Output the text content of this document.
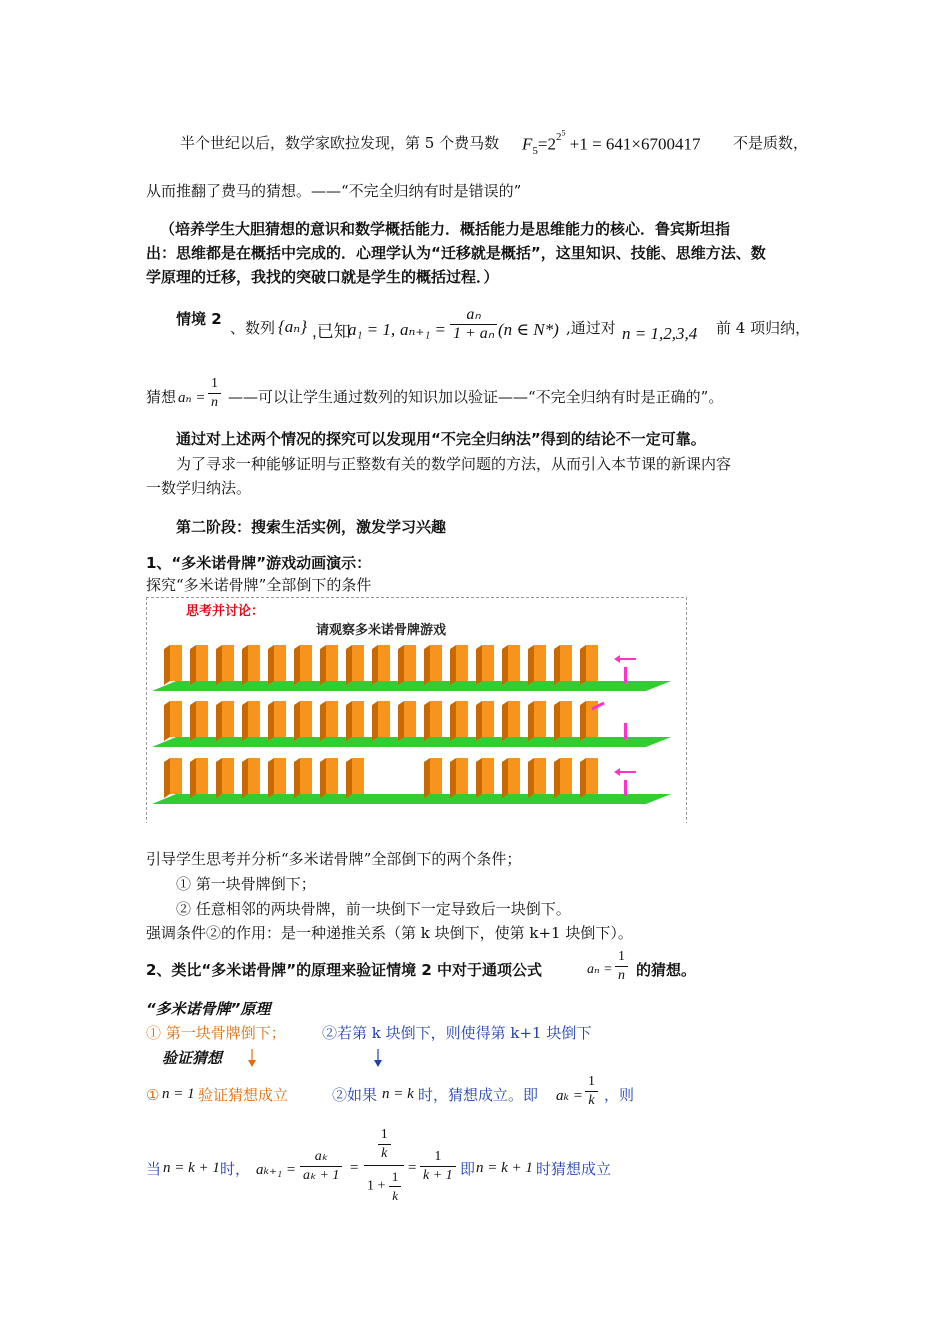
半个世纪以后，数学家欧拉发现，第 5 个费马数 $F_5=2^{2^5} +1 = 641\times 6700417$ 不是质数，
从而推翻了费马的猜想。——“不完全归纳有时是错误的”
（培养学生大胆猜想的意识和数学概括能力．概括能力是思维能力的核心．鲁宾斯坦指
出：思维都是在概括中完成的．心理学认为“迁移就是概括”，这里知识、技能、思维方法、数
学原理的迁移，我找的突破口就是学生的概括过程．）
情境 2 、数列 {aₙ} ,已知
a₁ = 1, $a_{n+1} = \frac{\text{aₙ}}{\text{1 + aₙ}} (n$ ∈ N*) ,通过对 n = 1,2,3,4 前 4 项归纳，
猜想 $a_n = \frac{1}{n}$ ——可以让学生通过数列的知识加以验证——“不完全归纳有时是正确的”。
通过对上述两个情况的探究可以发现用“不完全归纳法”得到的结论不一定可靠。
为了寻求一种能够证明与正整数有关的数学问题的方法，从而引入本节课的新课内容
一数学归纳法。
第二阶段：搜索生活实例，激发学习兴趣
1、“多米诺骨牌”游戏动画演示：
探究“多米诺骨牌”全部倒下的条件
思考并讨论：
请观察多米诺骨牌游戏
引导学生思考并分析“多米诺骨牌”全部倒下的两个条件；
① 第一块骨牌倒下；
② 任意相邻的两块骨牌，前一块倒下一定导致后一块倒下。
强调条件②的作用：是一种递推关系（第 k 块倒下，使第 k+1 块倒下）。
2、类比“多米诺骨牌”的原理来验证情境 2 中对于通项公式	$a_n = \frac{1}{n}$ 的猜想。
“多米诺骨牌”原理
① 第一块骨牌倒下； ②若第 k 块倒下，则使得第 k+1 块倒下
验证猜想
① n = 1 验证猜想成立	②如果 n = k 时，猜想成立。即 $a_k = \frac{1}{k}$ ，则
当 n = k + 1 时， $a_{k+1} = \frac{\text{aₖ}}{\text{aₖ + 1}} = \frac{\frac{1}{k}}{1 + \frac{1}{k}} = \frac{1}{k + 1}$ 即 n = k + 1 时猜想成立
